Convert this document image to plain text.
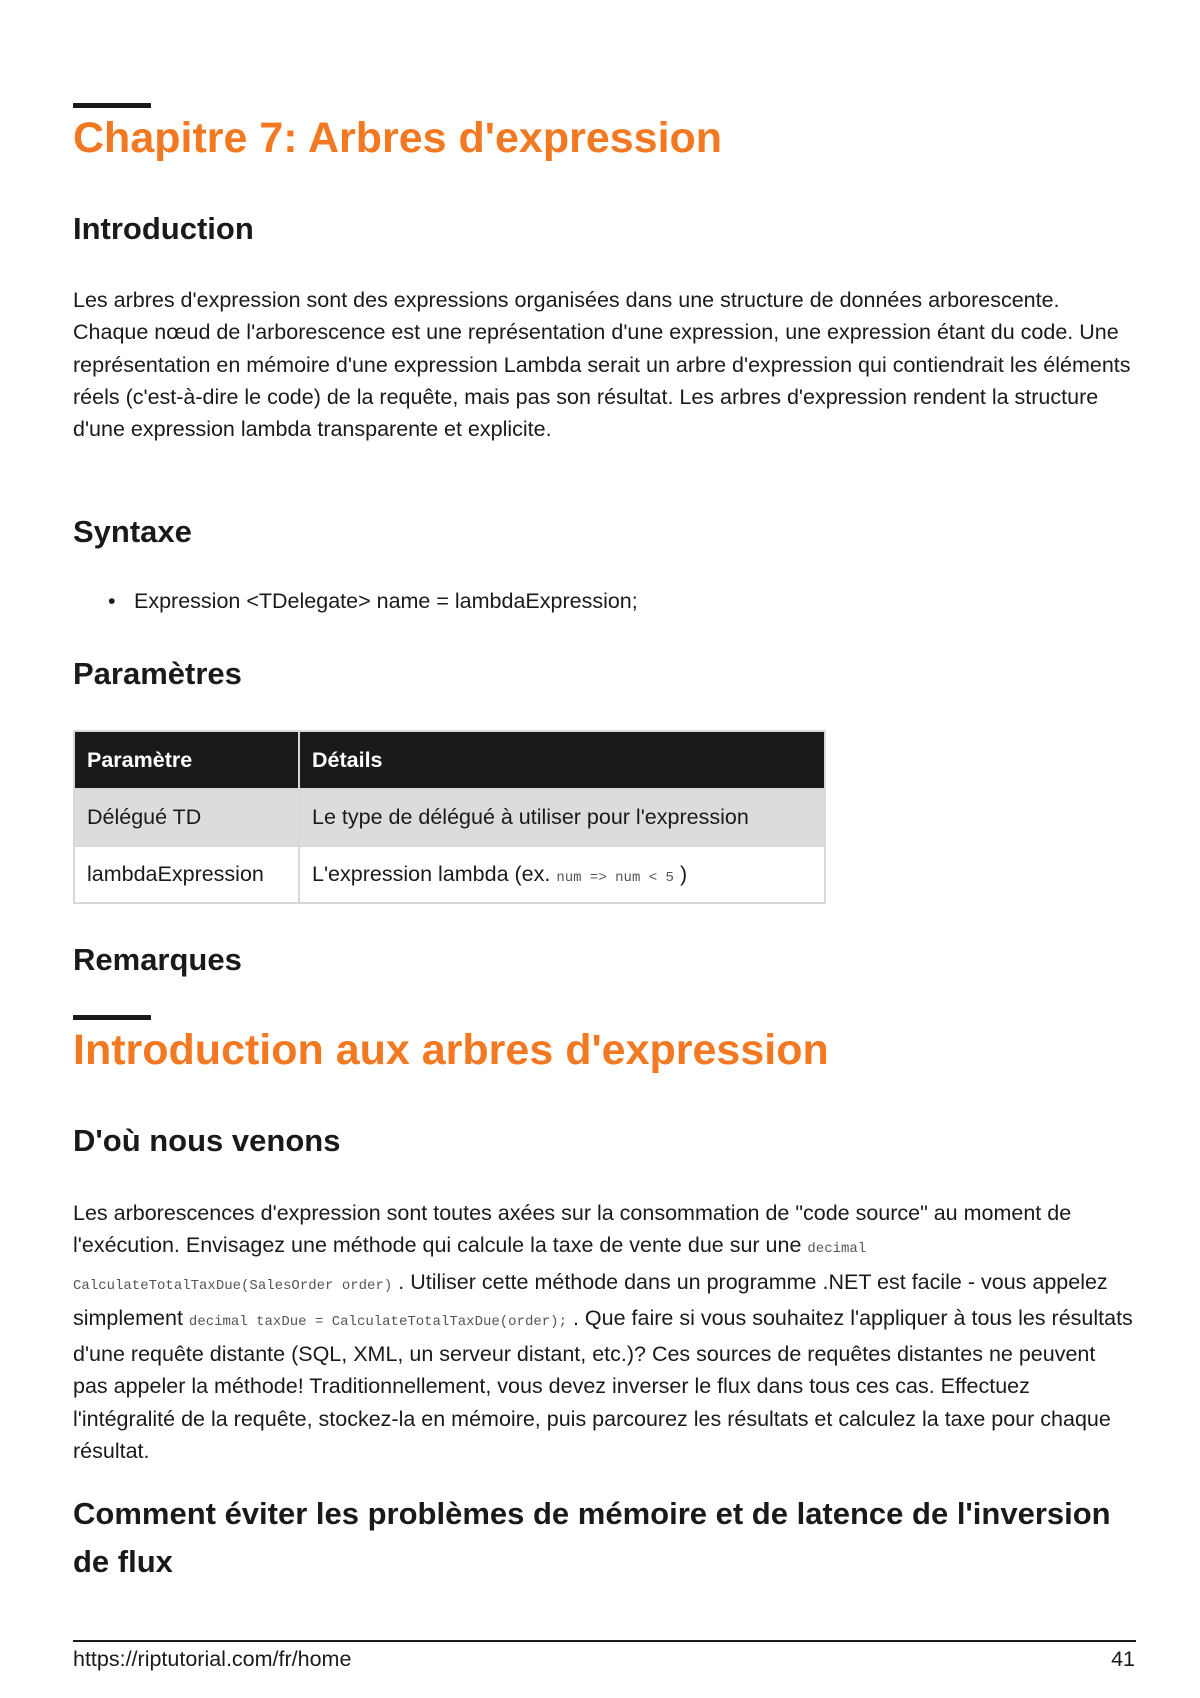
Chapitre 7: Arbres d'expression
Introduction

Les arbres d'expression sont des expressions organisées dans une structure de données arborescente. Chaque nœud de l'arborescence est une représentation d'une expression, une expression étant du code. Une représentation en mémoire d'une expression Lambda serait un arbre d'expression qui contiendrait les éléments réels (c'est-à-dire le code) de la requête, mais pas son résultat. Les arbres d'expression rendent la structure d'une expression lambda transparente et explicite.

Syntaxe
• Expression <TDelegate> name = lambdaExpression;
Paramètres
Paramètre	Détails
Délégué TD	Le type de délégué à utiliser pour l'expression
lambdaExpression	L'expression lambda (ex. num => num < 5 )
Remarques
Introduction aux arbres d'expression
D'où nous venons

Les arborescences d'expression sont toutes axées sur la consommation de "code source" au moment de l'exécution. Envisagez une méthode qui calcule la taxe de vente due sur une decimal CalculateTotalTaxDue(SalesOrder order) . Utiliser cette méthode dans un programme .NET est facile - vous appelez simplement decimal taxDue = CalculateTotalTaxDue(order); . Que faire si vous souhaitez l'appliquer à tous les résultats d'une requête distante (SQL, XML, un serveur distant, etc.)? Ces sources de requêtes distantes ne peuvent pas appeler la méthode! Traditionnellement, vous devez inverser le flux dans tous ces cas. Effectuez l'intégralité de la requête, stockez-la en mémoire, puis parcourez les résultats et calculez la taxe pour chaque résultat.

Comment éviter les problèmes de mémoire et de latence de l'inversion de flux
https://riptutorial.com/fr/home	41
